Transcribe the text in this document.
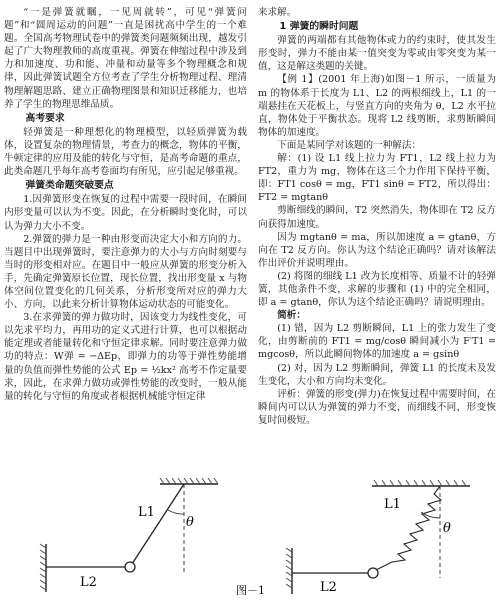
“一是弹簧就瞩，一见周就转”，可见“弹簧问题”和“圆周运动的问题”一直是困扰高中学生的一个难题。全国高考物理试卷中的弹簧类问题频频出现，越发引起了广大物理教师的高度重视。弹簧在伸缩过程中涉及到力和加速度、功和能、冲量和动量等多个物理概念和规律，因此弹簧试题全方位考查了学生分析物理过程、理清物理解题思路、建立正确物理图景和知识迁移能力，也培养了学生的物理思维品质。

高考要求

轻弹簧是一种理想化的物理模型，以轻质弹簧为载体，设置复杂的物理情景，考查力的概念，物体的平衡，牛顿定律的应用及能的转化与守恒，是高考命题的重点，此类命题几乎每年高考卷面均有所见，应引起足够重视。

弹簧类命题突破要点

1.因弹簧形变在恢复的过程中需要一段时间，在瞬间内形变量可以认为不变。因此，在分析瞬时变化时，可以认为弹力大小不变。

2.弹簧的弹力是一种由形变而决定大小和方向的力。当题目中出现弹簧时，要注意弹力的大小与方向时刻要与当时的形变相对应。在题目中一般应从弹簧的形变分析入手，先确定弹簧原长位置，现长位置，找出形变量 x 与物体空间位置变化的几何关系，分析形变所对应的弹力大小、方向，以此来分析计算物体运动状态的可能变化。

3.在求弹簧的弹力做功时，因该变力为线性变化，可以先求平均力，再用功的定义式进行计算，也可以根据动能定理或者能量转化和守恒定律求解。同时要注意弹力做功的特点：W弹 = −ΔEp，即弹力的功等于弹性势能增量的负值而弹性势能的公式 Ep = ½kx² 高考不作定量要求，因此，在求弹力做功或弹性势能的改变时，一般从能量的转化与守恒的角度或者根据机械能守恒定律

来求解。

1 弹簧的瞬时问题

弹簧的两端都有其他物体或力的约束时，使其发生形变时，弹力不能由某一值突变为零或由零突变为某一值，这是解这类题的关键。

【例 1】(2001 年上海)如图－1 所示，一质量为 m 的物体系于长度为 L1、L2 的两根细线上，L1 的一端悬挂在天花板上，与竖直方向的夹角为 θ，L2 水平拉直，物体处于平衡状态。现将 L2 线剪断，求剪断瞬间物体的加速度。

下面是某同学对该题的一种解法：

解：(1) 设 L1 线上拉力为 FT1，L2 线上拉力为 FT2，重力为 mg，物体在这三个力作用下保持平衡，即：FT1 cosθ = mg，FT1 sinθ = FT2，所以得出：FT2 = mgtanθ

剪断细线的瞬间，T2 突然消失，物体即在 T2 反方向获得加速度。

因为 mgtanθ = ma，所以加速度 a = gtanθ，方向在 T2 反方向。你认为这个结论正确吗？请对该解法作出评价并说明理由。

(2) 将图的细线 L1 改为长度相等、质量不计的轻弹簧，其他条件不变，求解的步骤和 (1) 中的完全相同，即 a = gtanθ，你认为这个结论正确吗？请说明理由。

简析：

(1) 错，因为 L2 剪断瞬间，L1 上的张力发生了变化，由剪断前的 FT1 = mg/cosθ 瞬间减小为 F′T1 = mgcosθ，所以此瞬间物体的加速度 a = gsinθ

(2) 对，因为 L2 剪断瞬间，弹簧 L1 的长度未及发生变化，大小和方向均未变化。

评析：弹簧的形变(弹力)在恢复过程中需要时间，在瞬间内可以认为弹簧的弹力不变，而细线不同，形变恢复时间极短。

L1
L2
θ
L1
L2
θ
图－1
